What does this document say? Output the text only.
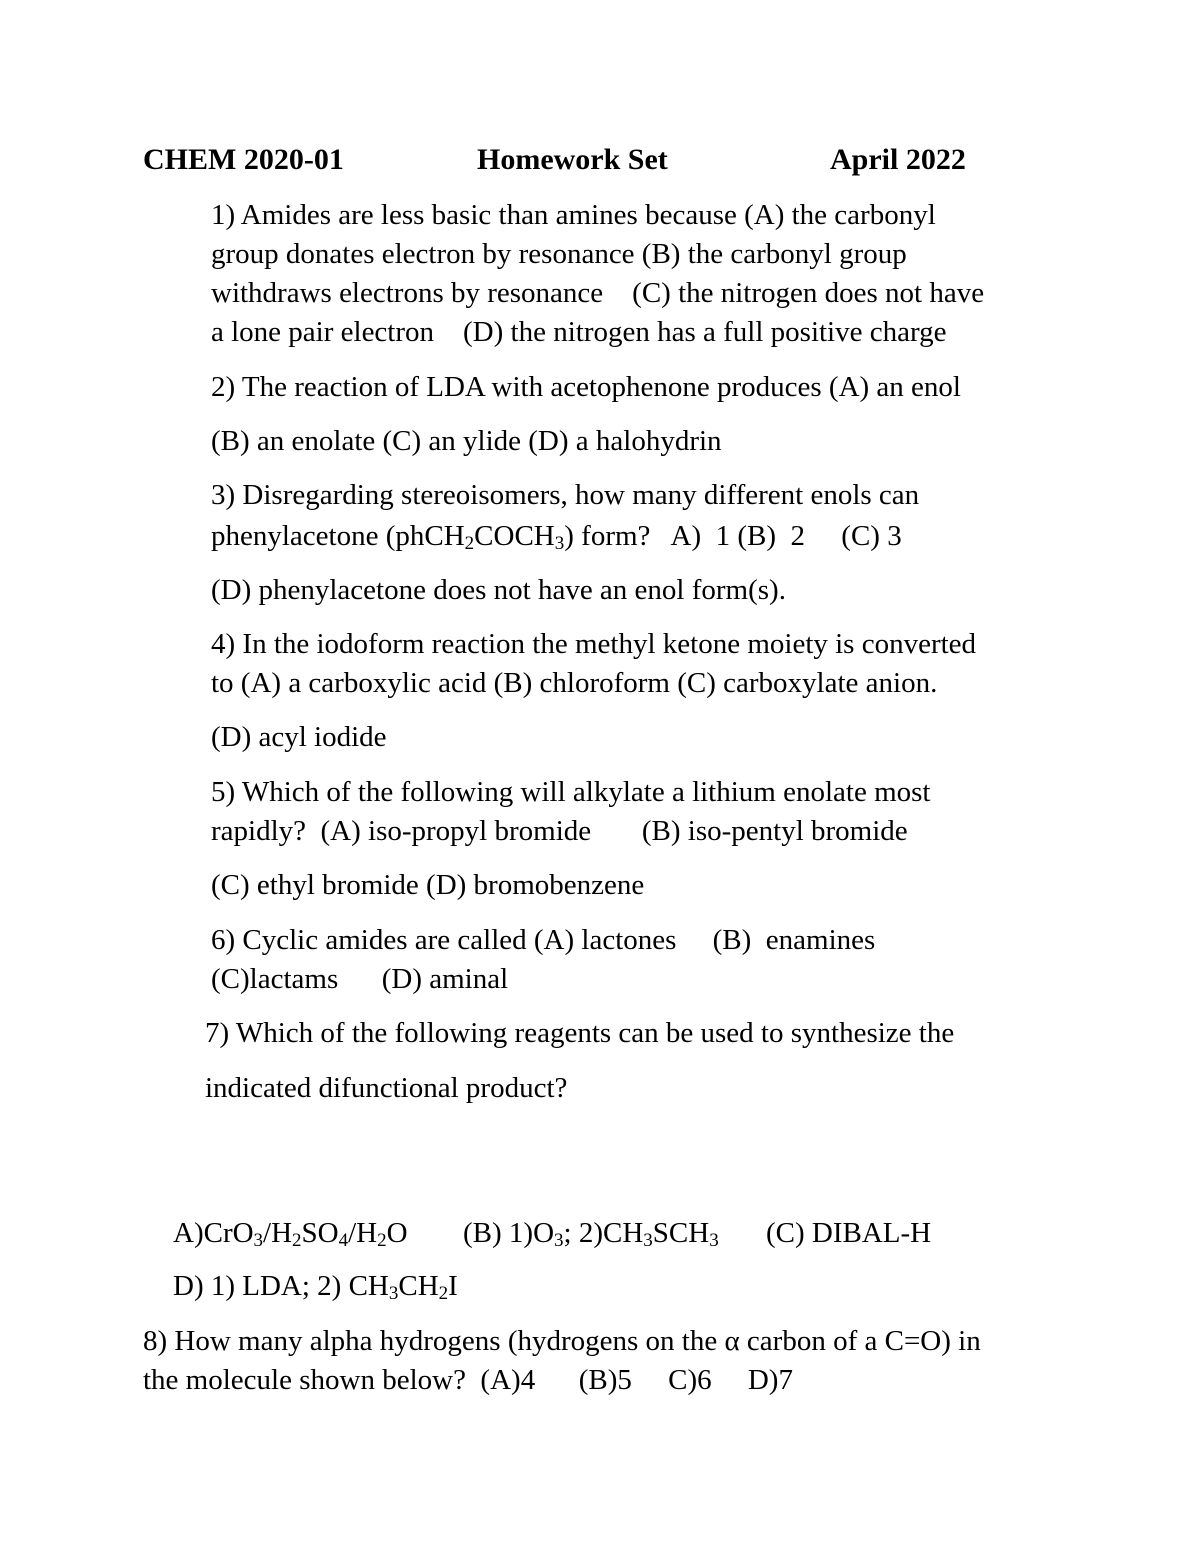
CHEM 2020-01	Homework Set	April 2022
1) Amides are less basic than amines because (A) the carbonyl
group donates electron by resonance (B) the carbonyl group
withdraws electrons by resonance    (C) the nitrogen does not have
a lone pair electron    (D) the nitrogen has a full positive charge
2) The reaction of LDA with acetophenone produces (A) an enol
(B) an enolate (C) an ylide (D) a halohydrin
3) Disregarding stereoisomers, how many different enols can
phenylacetone $(phCH_2COCH_3)$ form?   A)  1 (B)  2     (C) 3
(D) phenylacetone does not have an enol form(s).
4) In the iodoform reaction the methyl ketone moiety is converted
to (A) a carboxylic acid (B) chloroform (C) carboxylate anion.
(D) acyl iodide
5) Which of the following will alkylate a lithium enolate most
rapidly?  (A) iso-propyl bromide       (B) iso-pentyl bromide
(C) ethyl bromide (D) bromobenzene
6) Cyclic amides are called (A) lactones     (B)  enamines
(C)lactams      (D) aminal
7) Which of the following reagents can be used to synthesize the
indicated difunctional product?
$A)CrO_3/H_2SO_4/H_2O$ (B) $1)O_3$; $2)CH_3SCH_3$ (C) DIBAL-H
D) 1) LDA; 2) $CH_3CH_2I$
8) How many alpha hydrogens (hydrogens on the α carbon of a C=O) in
the molecule shown below?  (A)4      (B)5     C)6     D)7
